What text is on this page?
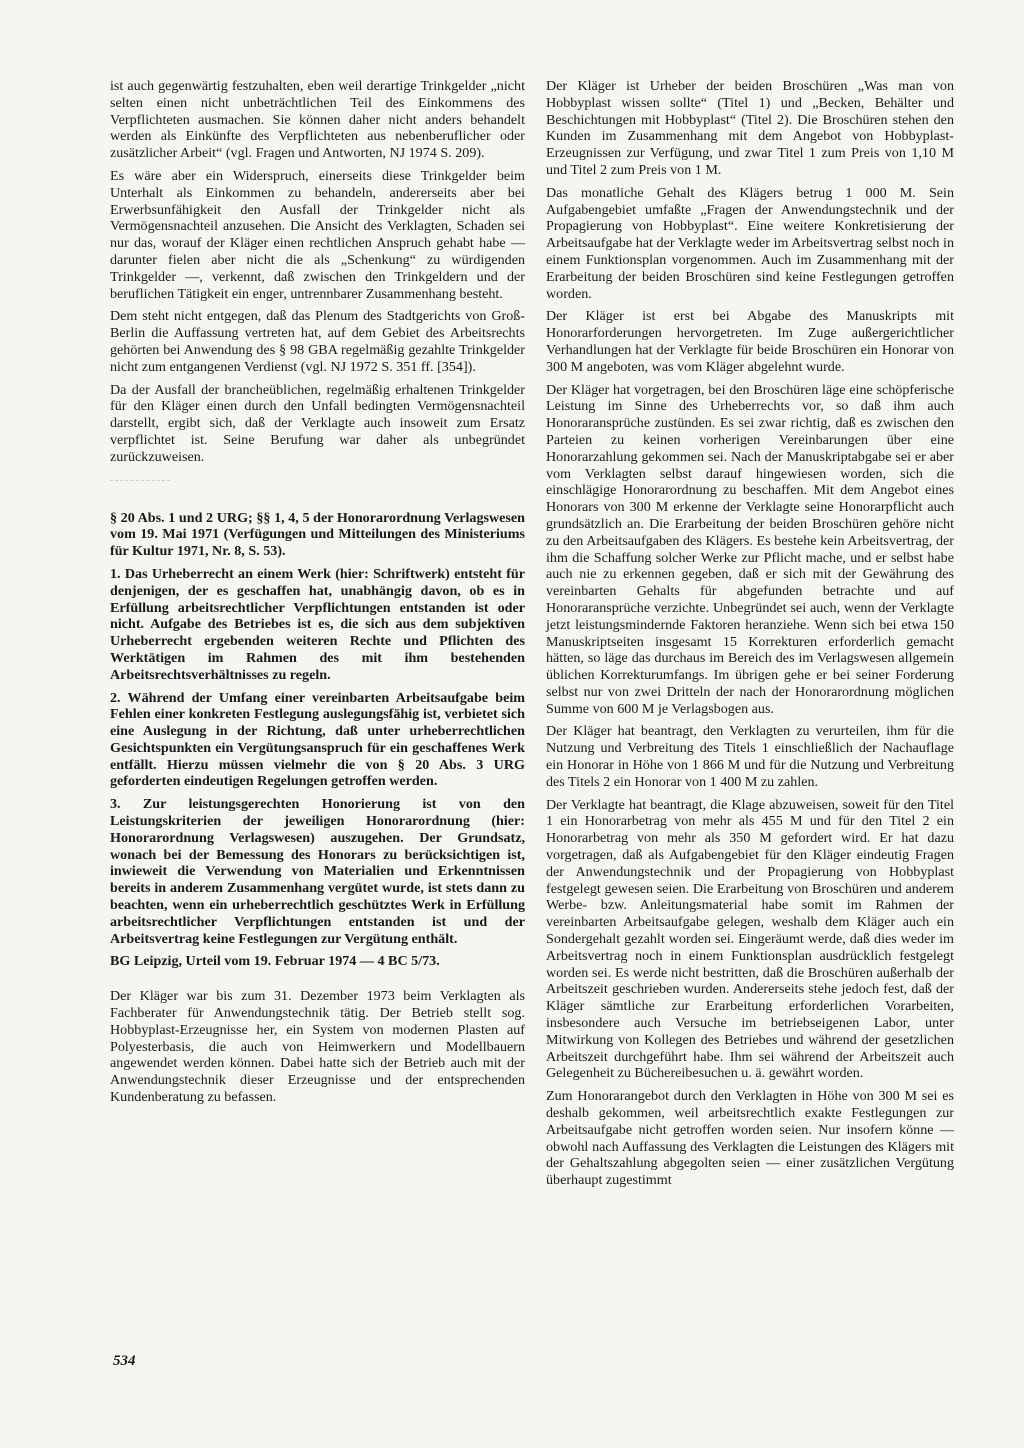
ist auch gegenwärtig festzuhalten, eben weil derartige Trinkgelder „nicht selten einen nicht unbeträchtlichen Teil des Einkommens des Verpflichteten ausmachen. Sie können daher nicht anders behandelt werden als Einkünfte des Verpflichteten aus nebenberuflicher oder zusätzlicher Arbeit“ (vgl. Fragen und Antworten, NJ 1974 S. 209).

Es wäre aber ein Widerspruch, einerseits diese Trinkgelder beim Unterhalt als Einkommen zu behandeln, andererseits aber bei Erwerbsunfähigkeit den Ausfall der Trinkgelder nicht als Vermögensnachteil anzusehen. Die Ansicht des Verklagten, Schaden sei nur das, worauf der Kläger einen rechtlichen Anspruch gehabt habe — darunter fielen aber nicht die als „Schenkung“ zu würdigenden Trinkgelder —, verkennt, daß zwischen den Trinkgeldern und der beruflichen Tätigkeit ein enger, untrennbarer Zusammenhang besteht.

Dem steht nicht entgegen, daß das Plenum des Stadtgerichts von Groß-Berlin die Auffassung vertreten hat, auf dem Gebiet des Arbeitsrechts gehörten bei Anwendung des § 98 GBA regelmäßig gezahlte Trinkgelder nicht zum entgangenen Verdienst (vgl. NJ 1972 S. 351 ff. [354]).

Da der Ausfall der brancheüblichen, regelmäßig erhaltenen Trinkgelder für den Kläger einen durch den Unfall bedingten Vermögensnachteil darstellt, ergibt sich, daß der Verklagte auch insoweit zum Ersatz verpflichtet ist. Seine Berufung war daher als unbegründet zurückzuweisen.

§ 20 Abs. 1 und 2 URG; §§ 1, 4, 5 der Honorarordnung Verlagswesen vom 19. Mai 1971 (Verfügungen und Mitteilungen des Ministeriums für Kultur 1971, Nr. 8, S. 53).

1. Das Urheberrecht an einem Werk (hier: Schriftwerk) entsteht für denjenigen, der es geschaffen hat, unabhängig davon, ob es in Erfüllung arbeitsrechtlicher Verpflichtungen entstanden ist oder nicht. Aufgabe des Betriebes ist es, die sich aus dem subjektiven Urheberrecht ergebenden weiteren Rechte und Pflichten des Werktätigen im Rahmen des mit ihm bestehenden Arbeitsrechtsverhältnisses zu regeln.

2. Während der Umfang einer vereinbarten Arbeitsaufgabe beim Fehlen einer konkreten Festlegung auslegungsfähig ist, verbietet sich eine Auslegung in der Richtung, daß unter urheberrechtlichen Gesichtspunkten ein Vergütungsanspruch für ein geschaffenes Werk entfällt. Hierzu müssen vielmehr die von § 20 Abs. 3 URG geforderten eindeutigen Regelungen getroffen werden.

3. Zur leistungsgerechten Honorierung ist von den Leistungskriterien der jeweiligen Honorarordnung (hier: Honorarordnung Verlagswesen) auszugehen. Der Grundsatz, wonach bei der Bemessung des Honorars zu berücksichtigen ist, inwieweit die Verwendung von Materialien und Erkenntnissen bereits in anderem Zusammenhang vergütet wurde, ist stets dann zu beachten, wenn ein urheberrechtlich geschütztes Werk in Erfüllung arbeitsrechtlicher Verpflichtungen entstanden ist und der Arbeitsvertrag keine Festlegungen zur Vergütung enthält.

BG Leipzig, Urteil vom 19. Februar 1974 — 4 BC 5/73.

Der Kläger war bis zum 31. Dezember 1973 beim Verklagten als Fachberater für Anwendungstechnik tätig. Der Betrieb stellt sog. Hobbyplast-Erzeugnisse her, ein System von modernen Plasten auf Polyesterbasis, die auch von Heimwerkern und Modellbauern angewendet werden können. Dabei hatte sich der Betrieb auch mit der Anwendungstechnik dieser Erzeugnisse und der entsprechenden Kundenberatung zu befassen.

Der Kläger ist Urheber der beiden Broschüren „Was man von Hobbyplast wissen sollte“ (Titel 1) und „Becken, Behälter und Beschichtungen mit Hobbyplast“ (Titel 2). Die Broschüren stehen den Kunden im Zusammenhang mit dem Angebot von Hobbyplast-Erzeugnissen zur Verfügung, und zwar Titel 1 zum Preis von 1,10 M und Titel 2 zum Preis von 1 M.

Das monatliche Gehalt des Klägers betrug 1 000 M. Sein Aufgabengebiet umfaßte „Fragen der Anwendungstechnik und der Propagierung von Hobbyplast“. Eine weitere Konkretisierung der Arbeitsaufgabe hat der Verklagte weder im Arbeitsvertrag selbst noch in einem Funktionsplan vorgenommen. Auch im Zusammenhang mit der Erarbeitung der beiden Broschüren sind keine Festlegungen getroffen worden.

Der Kläger ist erst bei Abgabe des Manuskripts mit Honorarforderungen hervorgetreten. Im Zuge außergerichtlicher Verhandlungen hat der Verklagte für beide Broschüren ein Honorar von 300 M angeboten, was vom Kläger abgelehnt wurde.

Der Kläger hat vorgetragen, bei den Broschüren läge eine schöpferische Leistung im Sinne des Urheberrechts vor, so daß ihm auch Honoraransprüche zustünden. Es sei zwar richtig, daß es zwischen den Parteien zu keinen vorherigen Vereinbarungen über eine Honorarzahlung gekommen sei. Nach der Manuskriptabgabe sei er aber vom Verklagten selbst darauf hingewiesen worden, sich die einschlägige Honorarordnung zu beschaffen. Mit dem Angebot eines Honorars von 300 M erkenne der Verklagte seine Honorarpflicht auch grundsätzlich an. Die Erarbeitung der beiden Broschüren gehöre nicht zu den Arbeitsaufgaben des Klägers. Es bestehe kein Arbeitsvertrag, der ihm die Schaffung solcher Werke zur Pflicht mache, und er selbst habe auch nie zu erkennen gegeben, daß er sich mit der Gewährung des vereinbarten Gehalts für abgefunden betrachte und auf Honoraransprüche verzichte. Unbegründet sei auch, wenn der Verklagte jetzt leistungsmindernde Faktoren heranziehe. Wenn sich bei etwa 150 Manuskriptseiten insgesamt 15 Korrekturen erforderlich gemacht hätten, so läge das durchaus im Bereich des im Verlagswesen allgemein üblichen Korrekturumfangs. Im übrigen gehe er bei seiner Forderung selbst nur von zwei Dritteln der nach der Honorarordnung möglichen Summe von 600 M je Verlagsbogen aus.

Der Kläger hat beantragt, den Verklagten zu verurteilen, ihm für die Nutzung und Verbreitung des Titels 1 einschließlich der Nachauflage ein Honorar in Höhe von 1 866 M und für die Nutzung und Verbreitung des Titels 2 ein Honorar von 1 400 M zu zahlen.

Der Verklagte hat beantragt, die Klage abzuweisen, soweit für den Titel 1 ein Honorarbetrag von mehr als 455 M und für den Titel 2 ein Honorarbetrag von mehr als 350 M gefordert wird. Er hat dazu vorgetragen, daß als Aufgabengebiet für den Kläger eindeutig Fragen der Anwendungstechnik und der Propagierung von Hobbyplast festgelegt gewesen seien. Die Erarbeitung von Broschüren und anderem Werbe- bzw. Anleitungsmaterial habe somit im Rahmen der vereinbarten Arbeitsaufgabe gelegen, weshalb dem Kläger auch ein Sondergehalt gezahlt worden sei. Eingeräumt werde, daß dies weder im Arbeitsvertrag noch in einem Funktionsplan ausdrücklich festgelegt worden sei. Es werde nicht bestritten, daß die Broschüren außerhalb der Arbeitszeit geschrieben wurden. Andererseits stehe jedoch fest, daß der Kläger sämtliche zur Erarbeitung erforderlichen Vorarbeiten, insbesondere auch Versuche im betriebseigenen Labor, unter Mitwirkung von Kollegen des Betriebes und während der gesetzlichen Arbeitszeit durchgeführt habe. Ihm sei während der Arbeitszeit auch Gelegenheit zu Büchereibesuchen u. ä. gewährt worden.

Zum Honorarangebot durch den Verklagten in Höhe von 300 M sei es deshalb gekommen, weil arbeitsrechtlich exakte Festlegungen zur Arbeitsaufgabe nicht getroffen worden seien. Nur insofern könne — obwohl nach Auffassung des Verklagten die Leistungen des Klägers mit der Gehaltszahlung abgegolten seien — einer zusätzlichen Vergütung überhaupt zugestimmt

534
